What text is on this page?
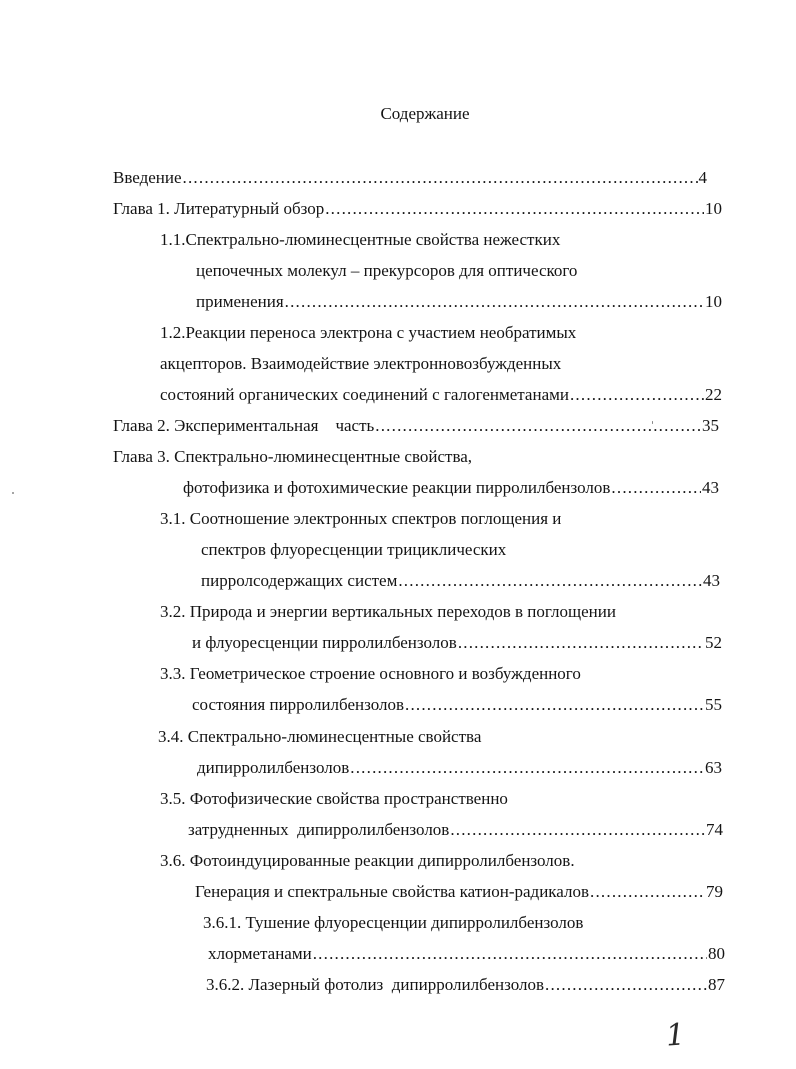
Содержание
Введение .....	4
Глава 1. Литературный обзор .....	10
1.1.Спектрально-люминесцентные свойства нежестких
цепочечных молекул – прекурсоров для оптического
применения .....	10
1.2.Реакции переноса электрона с участием необратимых
акцепторов. Взаимодействие электронновозбужденных
состояний органических соединений с галогенметанами .....	22
Глава 2. Экспериментальная    часть .....	35
Глава 3. Спектрально-люминесцентные свойства,
фотофизика и фотохимические реакции пирролилбензолов .....	43
3.1. Соотношение электронных спектров поглощения и
спектров флуоресценции трициклических
пирролсодержащих систем .....	43
3.2. Природа и энергии вертикальных переходов в поглощении
и флуоресценции пирролилбензолов .....	52
3.3. Геометрическое строение основного и возбужденного
состояния пирролилбензолов .....	55
3.4. Спектрально-люминесцентные свойства
дипирролилбензолов .....	63
3.5. Фотофизические свойства пространственно
затрудненных  дипирролилбензолов .....	74
3.6. Фотоиндуцированные реакции дипирролилбензолов.
Генерация и спектральные свойства катион-радикалов .....	79
3.6.1. Тушение флуоресценции дипирролилбензолов
хлорметанами .....	80
3.6.2. Лазерный фотолиз  дипирролилбензолов .....	87
1
